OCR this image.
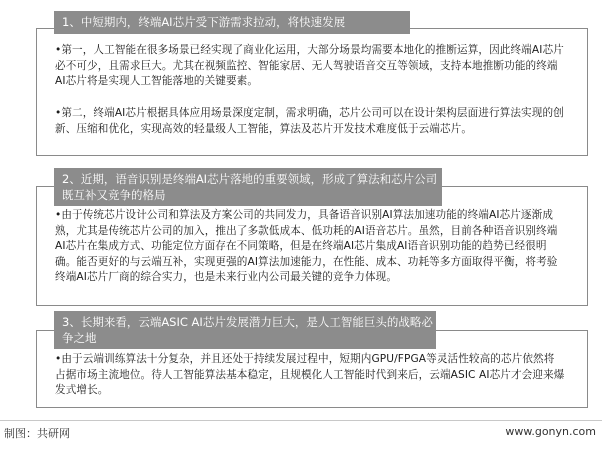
1、中短期内，终端AI芯片受下游需求拉动，将快速发展
•第一，人工智能在很多场景已经实现了商业化运用，大部分场景均需要本地化的推断运算，因此终端AI芯片必不可少，且需求巨大。尤其在视频监控、智能家居、无人驾驶语音交互等领域，支持本地推断功能的终端AI芯片将是实现人工智能落地的关键要素。
•第二，终端AI芯片根据具体应用场景深度定制，需求明确，芯片公司可以在设计架构层面进行算法实现的创新、压缩和优化，实现高效的轻量级人工智能，算法及芯片开发技术难度低于云端芯片。
2、近期，语音识别是终端AI芯片落地的重要领域，形成了算法和芯片公司既互补又竞争的格局
•由于传统芯片设计公司和算法及方案公司的共同发力，具备语音识别AI算法加速功能的终端AI芯片逐渐成熟，尤其是传统芯片公司的加入，推出了多款低成本、低功耗的AI语音芯片。虽然，目前各种语音识别终端AI芯片在集成方式、功能定位方面存在不同策略，但是在终端AI芯片集成AI语音识别功能的趋势已经很明确。能否更好的与云端互补，实现更强的AI算法加速能力，在性能、成本、功耗等多方面取得平衡，将考验终端AI芯片厂商的综合实力，也是未来行业内公司最关键的竞争力体现。
3、长期来看，云端ASIC AI芯片发展潜力巨大，是人工智能巨头的战略必争之地
•由于云端训练算法十分复杂，并且还处于持续发展过程中，短期内GPU/FPGA等灵活性较高的芯片依然将占据市场主流地位。待人工智能算法基本稳定，且规模化人工智能时代到来后，云端ASIC AI芯片才会迎来爆发式增长。
制图：共研网	www.gonyn.com
